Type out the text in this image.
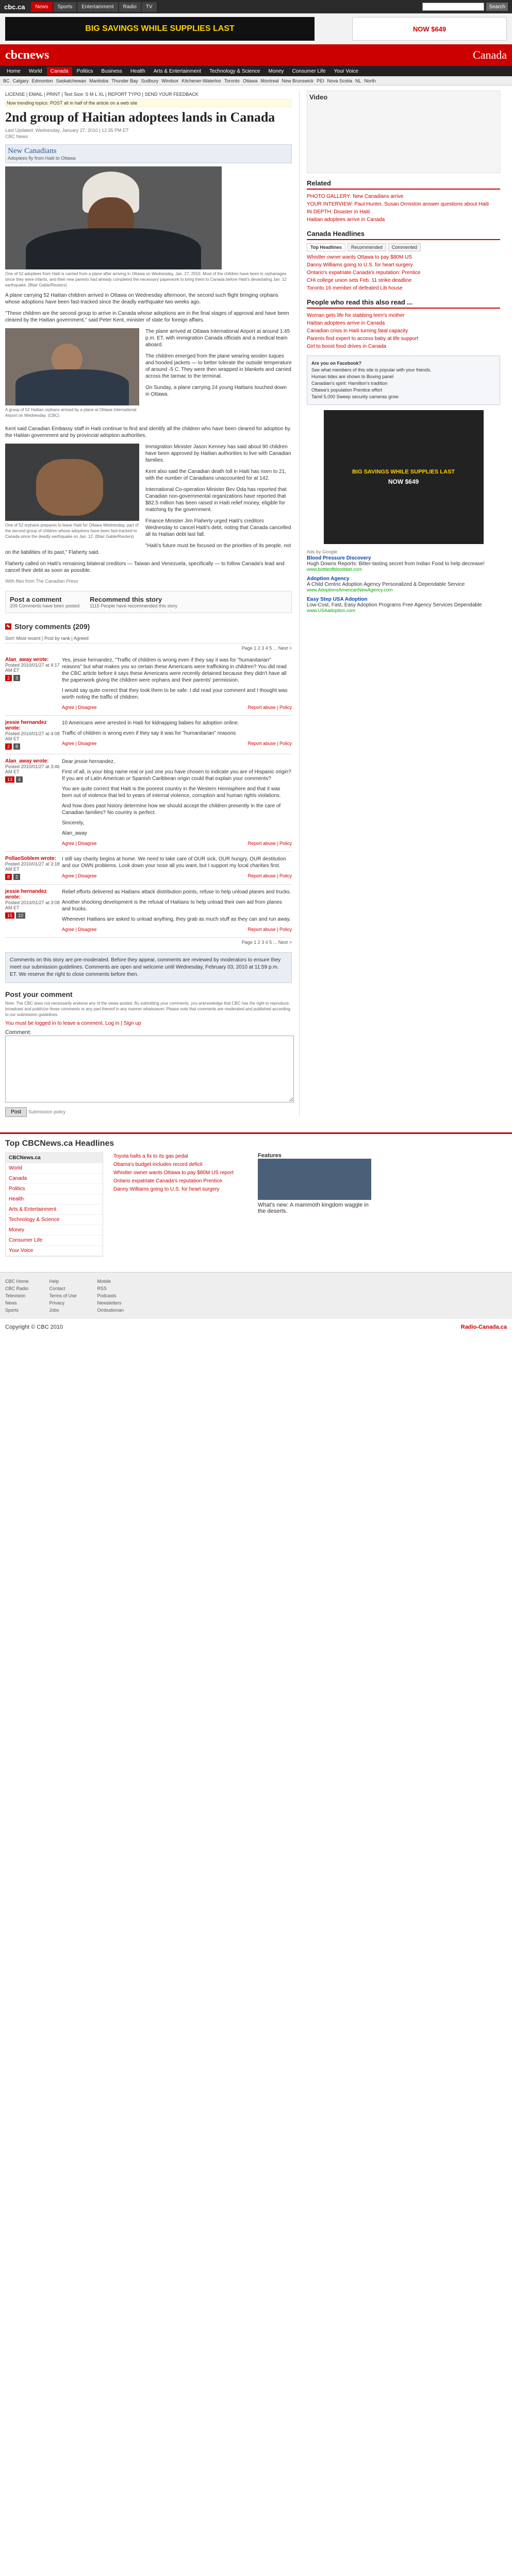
cbc.ca	News	Sports	Entertainment	Radio	TV	Search
BIG SAVINGS WHILE SUPPLIES LAST	NOW $649
cbcnews	Canada
Home	World	Canada	Politics	Business	Health	Arts & Entertainment	Technology & Science	Money	Consumer Life	Your Voice
BC Calgary Edmonton Saskatchewan Manitoba Thunder Bay Sudbury Windsor Kitchener-Waterloo Toronto Ottawa Montreal New Brunswick PEI Nova Scotia NL North
LICENSE | EMAIL | PRINT | Text Size: S M L XL | REPORT TYPO | SEND YOUR FEEDBACK
Now trending topics: POST all in half of the article on a web site
2nd group of Haitian adoptees lands in Canada
Last Updated: Wednesday, January 27, 2010 | 12:35 PM ET
CBC News
New Canadians
Adoptees fly from Haiti to Ottawa
One of 52 adoptees from Haiti is carried from a plane after arriving in Ottawa on Wednesday, Jan. 27, 2010. Most of the children have been in orphanages since they were infants, and their new parents had already completed the necessary paperwork to bring them to Canada before Haiti's devastating Jan. 12 earthquake. (Blair Gable/Reuters)

A plane carrying 52 Haitian children arrived in Ottawa on Wednesday afternoon, the second such flight bringing orphans whose adoptions have been fast-tracked since the deadly earthquake two weeks ago.

"These children are the second group to arrive in Canada whose adoptions are in the final stages of approval and have been cleared by the Haitian government," said Peter Kent, minister of state for foreign affairs.

A group of 52 Haitian orphans arrived by a plane at Ottawa International Airport on Wednesday. (CBC)

The plane arrived at Ottawa International Airport at around 1:45 p.m. ET, with immigration Canada officials and a medical team aboard.

The children emerged from the plane wearing woolen tuques and hooded jackets — to better tolerate the outside temperature of around -5 C. They were then wrapped in blankets and carried across the tarmac to the terminal.

On Sunday, a plane carrying 24 young Haitians touched down in Ottawa.

Kent said Canadian Embassy staff in Haiti continue to find and identify all the children who have been cleared for adoption by the Haitian government and by provincial adoption authorities.

One of 52 orphans prepares to leave Haiti for Ottawa Wednesday, part of the second group of children whose adoptions have been fast-tracked to Canada since the deadly earthquake on Jan. 12. (Blair Gable/Reuters)

Immigration Minister Jason Kenney has said about 90 children have been approved by Haitian authorities to live with Canadian families.

Kent also said the Canadian death toll in Haiti has risen to 21, with the number of Canadians unaccounted for at 142.

International Co-operation Minister Bev Oda has reported that Canadian non-governmental organizations have reported that $82.5 million has been raised in Haiti relief money, eligible for matching by the government.

Finance Minister Jim Flaherty urged Haiti's creditors Wednesday to cancel Haiti's debt, noting that Canada cancelled all its Haitian debt last fall.

"Haiti's future must be focused on the priorities of its people, not on the liabilities of its past," Flaherty said.

Flaherty called on Haiti's remaining bilateral creditors — Taiwan and Venezuela, specifically — to follow Canada's lead and cancel their debt as soon as possible.

With files from The Canadian Press
Post a comment
209 Comments have been posted
Recommend this story
1115 People have recommended this story
✎ Story comments (209)
Sort: Most recent | Post by rank | Agreed
Page 1 2 3 4 5 ... Next >
Alan_away wrote:
Posted 2010/01/27 at 4:17 AM ET
2	3

Yes, jessie hernandez, "Traffic of children is wrong even if they say it was for "humanitarian" reasons" but what makes you so certain these Americans were trafficking in children? You did read the CBC article before it says these Americans were recently detained because they didn't have all the paperwork giving the children were orphans and their parents' permission.

I would say quite correct that they took them to be safe. I did read your comment and I thought was worth noting the traffic of children.

Agree | Disagree	Report abuse | Policy
jessie hernandez wrote:
Posted 2010/01/27 at 4:08 AM ET
2	8

10 Americans were arrested in Haiti for kidnapping babies for adoption online.

Traffic of children is wrong even if they say it was for "humanitarian" reasons

Agree | Disagree	Report abuse | Policy
Alan_away wrote:
Posted 2010/01/27 at 3:46 AM ET
13	4

Dear jessie hernandez,

First of all, is your blog name real or just one you have chosen to indicate you are of Hispanic origin? If you are of Latin American or Spanish Caribbean origin could that explain your comments?

You are quite correct that Haiti is the poorest country in the Western Hemisphere and that it was born out of violence that led to years of internal violence, corruption and human rights violations.

And how does past history determine how we should accept the children presently in the care of Canadian families? No country is perfect.

Sincerely,

Alan_away

Agree | Disagree	Report abuse | Policy
PollaoSoblem wrote:
Posted 2010/01/27 at 3:18 AM ET
8	2

I still say charity begins at home. We need to take care of OUR sick, OUR hungry, OUR destitution and our OWN problems. Look down your nose all you want, but I support my local charities first.

Agree | Disagree	Report abuse | Policy
jessie hernandez wrote:
Posted 2010/01/27 at 3:08 AM ET
15	10

Relief efforts delivered as Haitians attack distribution points, refuse to help unload planes and trucks.

Another shocking development is the refusal of Haitians to help unload their own aid from planes and trucks.

Whenever Haitians are asked to unload anything, they grab as much stuff as they can and run away.

Agree | Disagree	Report abuse | Policy
Page 1 2 3 4 5 ... Next >
Comments on this story are pre-moderated. Before they appear, comments are reviewed by moderators to ensure they meet our submission guidelines. Comments are open and welcome until Wednesday, February 03, 2010 at 11:59 p.m. ET. We reserve the right to close comments before then.
Post your comment

Note: The CBC does not necessarily endorse any of the views posted. By submitting your comments, you acknowledge that CBC has the right to reproduce, broadcast and publicize those comments or any part thereof in any manner whatsoever. Please note that comments are moderated and published according to our submission guidelines.

You must be logged in to leave a comment. Log in | Sign up
Comment:
Post Submission policy
Video
Related
PHOTO GALLERY: New Canadians arrive
YOUR INTERVIEW: Paul Hunter, Susan Ormiston answer questions about Haiti
IN DEPTH: Disaster in Haiti
Haitian adoptees arrive in Canada
Canada Headlines
Top Headlines	Recommended	Commented
Whistler owner wants Ottawa to pay $80M US
Danny Williams going to U.S. for heart surgery
Ontario's expatriate Canada's reputation: Prentice
CHI college union sets Feb. 11 strike deadline
Toronto 16 member of defeated Lib house
People who read this also read ...
Woman gets life for stabbing teen's mother
Haitian adoptees arrive in Canada
Canadian crisis in Haiti turning fatal capacity
Parents find expert to access baby at life support
Girl to boost food drives in Canada
Are you on Facebook?
See what members of this site is popular with your friends.
Human tides are shown to Boxing panel
Canadian's spirit: Hamilton's tradition
Ottawa's population Prentice effort
Tamil 5,000 Sweep security cameras grow
BIG SAVINGS WHILE SUPPLIES LAST
NOW $649
Ads by Google
Blood Pressure Discovery
Hugh Downs Reports: Bitter-tasting secret from Indian Food to help decrease!
www.bottleofblooddiet.com
Adoption Agency
A Child Centric Adoption Agency Personalized & Dependable Service
www.AdoptionsAmericanNewAgency.com
Easy Step USA Adoption
Low-Cost, Fast, Easy Adoption Programs Free Agency Services Dependable
www.USAadoption.com
Top CBCNews.ca Headlines
CBCNews.ca
World
Canada
Politics
Health
Arts & Entertainment
Technology & Science
Money
Consumer Life
Your Voice
Toyota halts a fix to its gas pedal
Obama's budget includes record deficit
Whistler owner wants Ottawa to pay $80M US report
Ontario expatriate Canada's reputation Prentice
Danny Williams going to U.S. for heart surgery
Features
What's new: A mammoth kingdom waggle in the deserts.
CBC Home
CBC Radio
Television
News
Sports
Help
Contact
Terms of Use
Privacy
Jobs
Mobile
RSS
Podcasts
Newsletters
Ombudsman
Copyright © CBC 2010	Radio-Canada.ca
